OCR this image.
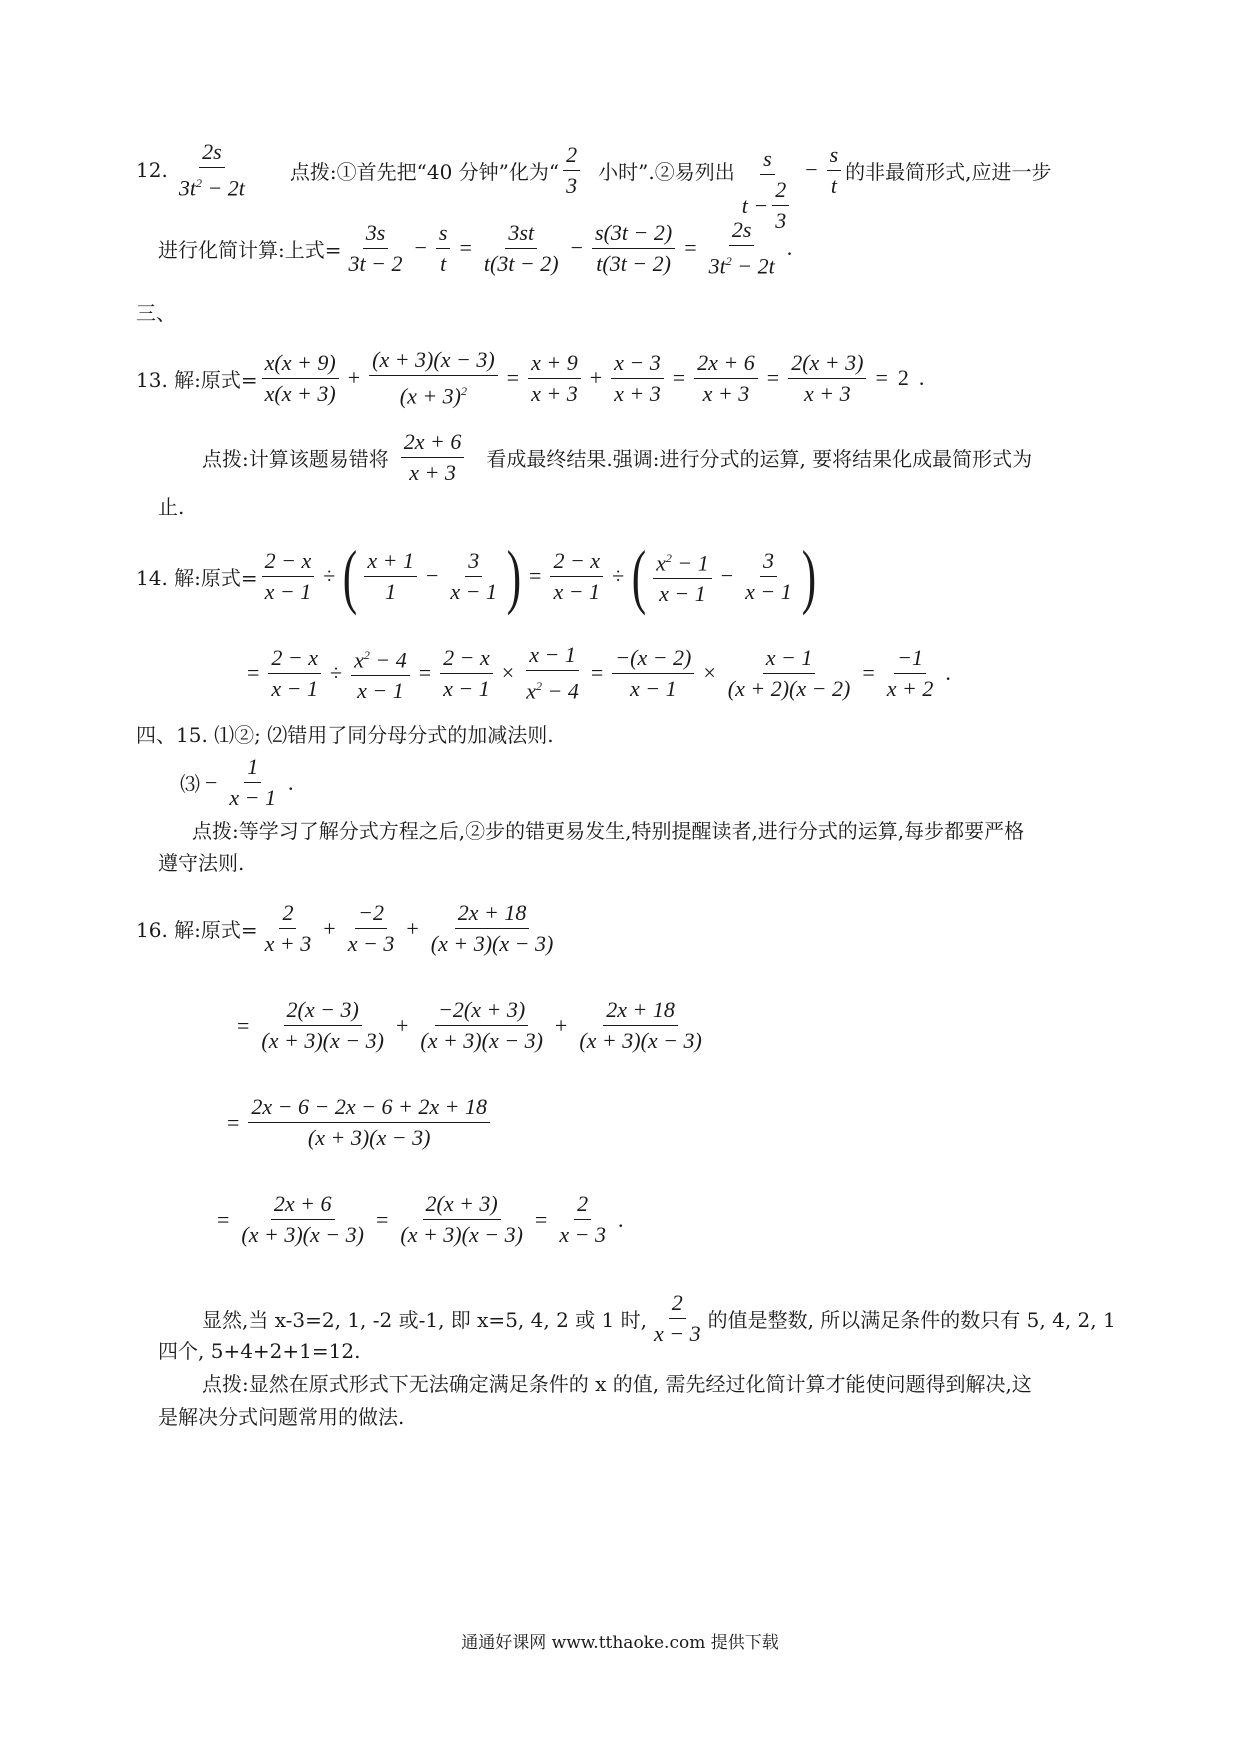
12. $\frac{2s}{3t^2 - 2t}$ 点拨:①首先把“40 分钟”化为“ $\frac{2}{3}$ 小时”.②易列出 $\frac{s}{t - \frac{2}{3}} - \frac{s}{t}$ 的非最简形式,应进一步
进行化简计算:上式= $\frac{3s}{3t - 2} - \frac{s}{t} = \frac{3st}{t(3t - 2)} - \frac{s(3t - 2)}{t(3t - 2)} = \frac{2s}{3t^2 - 2t}$ .
三、
13. 解:原式= $\frac{x(x + 9)}{x(x + 3)} + \frac{(x + 3)(x - 3)}{(x + 3)^2} = \frac{x + 9}{x + 3} + \frac{x - 3}{x + 3} = \frac{2x + 6}{x + 3} = \frac{2(x + 3)}{x + 3} = 2$ .
点拨:计算该题易错将 $\frac{2x + 6}{x + 3}$ 看成最终结果.强调:进行分式的运算, 要将结果化成最简形式为
止.
14. 解:原式= $\frac{2 - x}{x - 1}$ ÷ ( $\frac{x + 1}{1} - \frac{3}{x - 1}$ ) = $\frac{2 - x}{x - 1}$ ÷ ( $\frac{x^2 - 1}{x - 1} - \frac{3}{x - 1}$ )
= $\frac{2 - x}{x - 1} \div \frac{x^2 - 4}{x - 1} = \frac{2 - x}{x - 1} \times \frac{x - 1}{x^2 - 4} = \frac{-(x - 2)}{x - 1} \times \frac{x - 1}{(x + 2)(x - 2)} = \frac{-1}{x + 2}$ .
四、15. ⑴②; ⑵错用了同分母分式的加减法则.
⑶ − $\frac{1}{x - 1}$ .
点拨:等学习了解分式方程之后,②步的错更易发生,特别提醒读者,进行分式的运算,每步都要严格
遵守法则.
16. 解:原式= $\frac{2}{x + 3} + \frac{-2}{x - 3} + \frac{2x + 18}{(x + 3)(x - 3)}$
= $\frac{2(x - 3)}{(x + 3)(x - 3)} + \frac{-2(x + 3)}{(x + 3)(x - 3)} + \frac{2x + 18}{(x + 3)(x - 3)}$
= $\frac{2x - 6 - 2x - 6 + 2x + 18}{(x + 3)(x - 3)}$
= $\frac{2x + 6}{(x + 3)(x - 3)} = \frac{2(x + 3)}{(x + 3)(x - 3)} = \frac{2}{x - 3}$ .
显然,当 x-3=2, 1, -2 或-1, 即 x=5, 4, 2 或 1 时, $\frac{2}{x - 3}$ 的值是整数, 所以满足条件的数只有 5, 4, 2, 1
四个, 5+4+2+1=12.
点拨:显然在原式形式下无法确定满足条件的 x 的值, 需先经过化简计算才能使问题得到解决,这
是解决分式问题常用的做法.
通通好课网 www.tthaoke.com 提供下载
